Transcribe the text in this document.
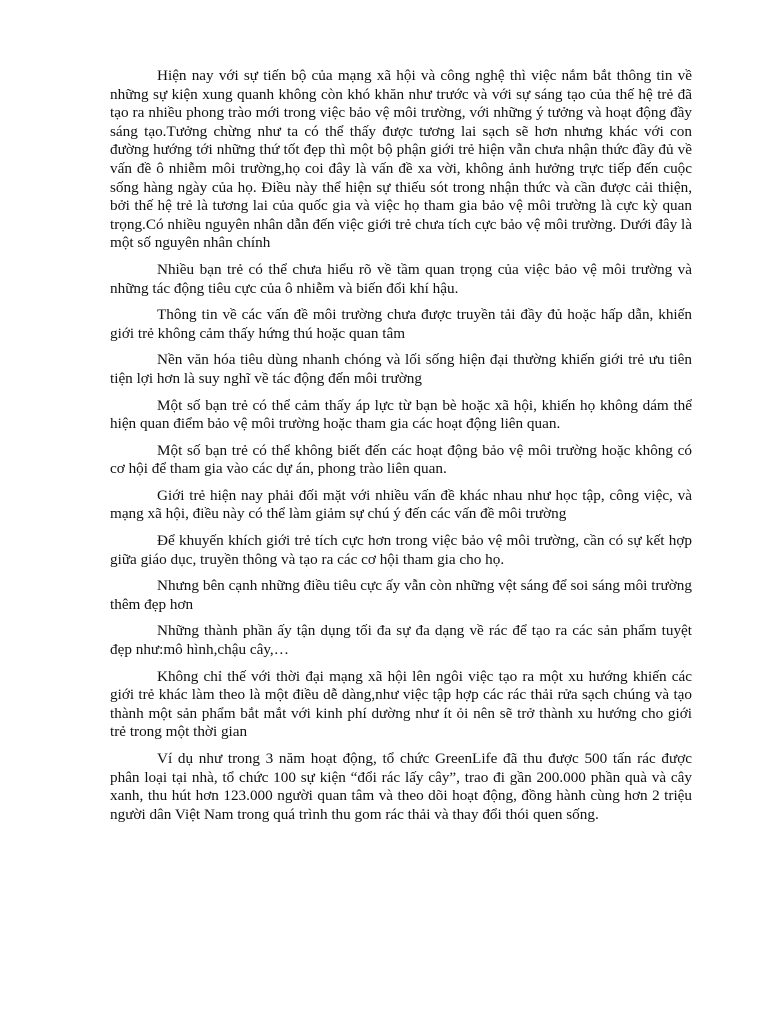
Hiện nay với sự tiến bộ của mạng xã hội và công nghệ thì việc nắm bắt thông tin về những sự kiện xung quanh không còn khó khăn như trước và với sự sáng tạo của thế hệ trẻ đã tạo ra nhiều phong trào mới trong việc bảo vệ môi trường, với những ý tưởng và hoạt động đầy sáng tạo.Tưởng chừng như ta có thể thấy được tương lai sạch sẽ hơn nhưng khác với con đường hướng tới những thứ tốt đẹp thì một bộ phận giới trẻ hiện vẫn chưa nhận thức đầy đủ về vấn đề ô nhiễm môi trường,họ coi đây là vấn đề xa vời, không ảnh hưởng trực tiếp đến cuộc sống hàng ngày của họ. Điều này thể hiện sự thiếu sót trong nhận thức và cần được cải thiện, bởi thế hệ trẻ là tương lai của quốc gia và việc họ tham gia bảo vệ môi trường là cực kỳ quan trọng.Có nhiều nguyên nhân dẫn đến việc giới trẻ chưa tích cực bảo vệ môi trường. Dưới đây là một số nguyên nhân chính

Nhiều bạn trẻ có thể chưa hiểu rõ về tầm quan trọng của việc bảo vệ môi trường và những tác động tiêu cực của ô nhiễm và biến đổi khí hậu.

Thông tin về các vấn đề môi trường chưa được truyền tải đầy đủ hoặc hấp dẫn, khiến giới trẻ không cảm thấy hứng thú hoặc quan tâm

Nền văn hóa tiêu dùng nhanh chóng và lối sống hiện đại thường khiến giới trẻ ưu tiên tiện lợi hơn là suy nghĩ về tác động đến môi trường

Một số bạn trẻ có thể cảm thấy áp lực từ bạn bè hoặc xã hội, khiến họ không dám thể hiện quan điểm bảo vệ môi trường hoặc tham gia các hoạt động liên quan.

Một số bạn trẻ có thể không biết đến các hoạt động bảo vệ môi trường hoặc không có cơ hội để tham gia vào các dự án, phong trào liên quan.

Giới trẻ hiện nay phải đối mặt với nhiều vấn đề khác nhau như học tập, công việc, và mạng xã hội, điều này có thể làm giảm sự chú ý đến các vấn đề môi trường

Để khuyến khích giới trẻ tích cực hơn trong việc bảo vệ môi trường, cần có sự kết hợp giữa giáo dục, truyền thông và tạo ra các cơ hội tham gia cho họ.

Nhưng bên cạnh những điều tiêu cực ấy vẫn còn những vệt sáng để soi sáng môi trường thêm đẹp hơn

Những thành phần ấy tận dụng tối đa sự đa dạng về rác để tạo ra các sản phẩm tuyệt đẹp như:mô hình,chậu cây,…

Không chỉ thế với thời đại mạng xã hội lên ngôi việc tạo ra một xu hướng khiến các giới trẻ khác làm theo là một điều dễ dàng,như việc tập hợp các rác thải rửa sạch chúng và tạo thành một sản phẩm bắt mắt với kinh phí dường như ít ỏi nên sẽ trở thành xu hướng cho giới trẻ trong một thời gian

Ví dụ như trong 3 năm hoạt động, tổ chức GreenLife đã thu được 500 tấn rác được phân loại tại nhà, tổ chức 100 sự kiện “đổi rác lấy cây”, trao đi gần 200.000 phần quà và cây xanh, thu hút hơn 123.000 người quan tâm và theo dõi hoạt động, đồng hành cùng hơn 2 triệu người dân Việt Nam trong quá trình thu gom rác thải và thay đổi thói quen sống.
